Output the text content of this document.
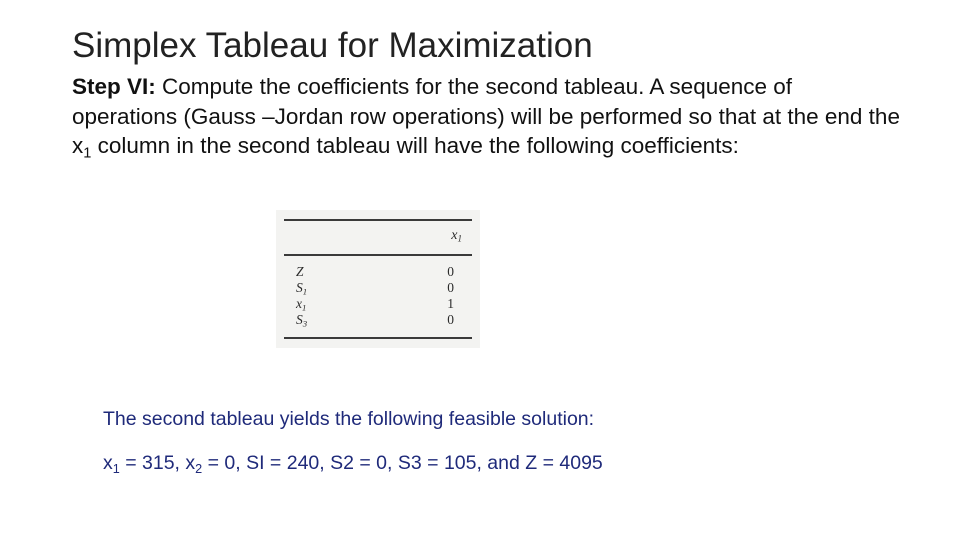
Simplex Tableau for Maximization
Step VI: Compute the coefficients for the second tableau. A sequence of operations (Gauss –Jordan row operations) will be performed so that at the end the $x_1$ column in the second tableau will have the following coefficients:
$x_1$
Z	0
$S_1$	0
$x_1$	1
$S_3$	0
The second tableau yields the following feasible solution:
$x_1 = 315$, $x_2 = 0$, SI = 240, S2 = 0, S3 = 105, and Z = 4095
